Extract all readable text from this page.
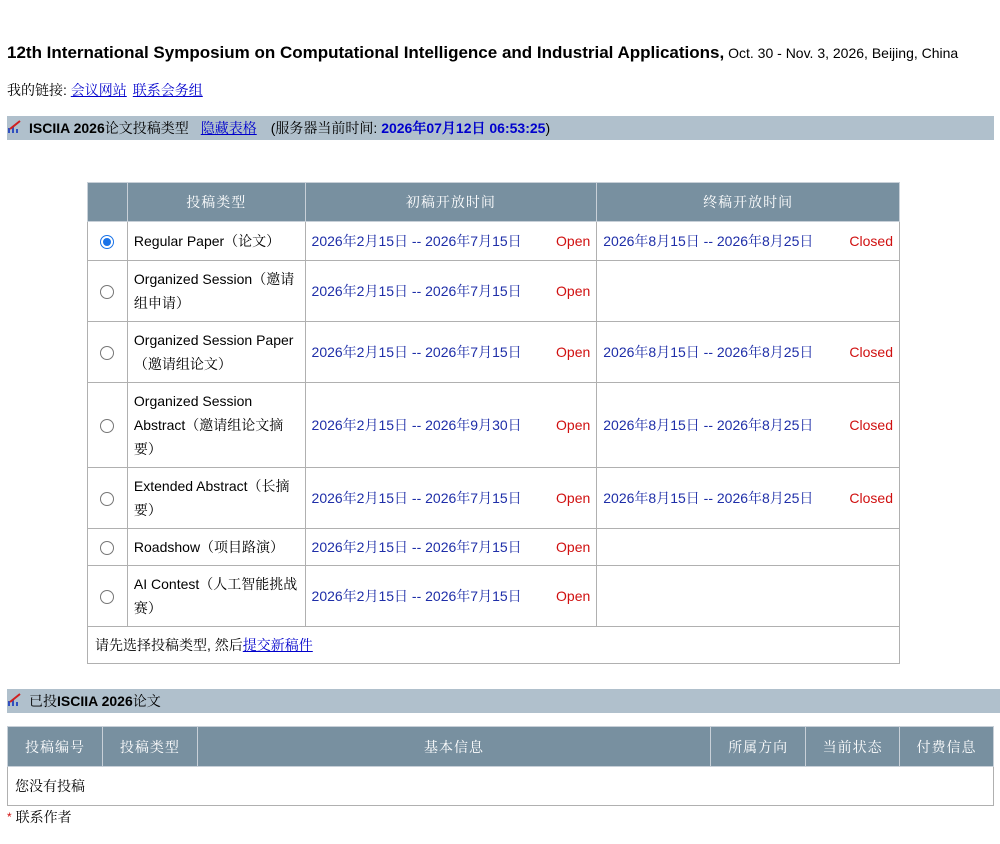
12th International Symposium on Computational Intelligence and Industrial Applications, Oct. 30 - Nov. 3, 2026, Beijing, China
我的链接: 会议网站 联系会务组
ISCIIA 2026论文投稿类型 隐藏表格 (服务器当前时间: 2026年07月12日 06:53:25)
已投ISCIIA 2026论文
	投稿类型	初稿开放时间	终稿开放时间
	Regular Paper（论文）	2026年2月15日 -- 2026年7月15日 Open	2026年8月15日 -- 2026年8月25日 Closed

	Organized Session（邀请组申请）	2026年2月15日 -- 2026年7月15日 Open	

	Organized Session Paper（邀请组论文）	2026年2月15日 -- 2026年7月15日 Open	2026年8月15日 -- 2026年8月25日 Closed

	Organized Session Abstract（邀请组论文摘要）	2026年2月15日 -- 2026年9月30日 Open	2026年8月15日 -- 2026年8月25日 Closed

	Extended Abstract（长摘要）	2026年2月15日 -- 2026年7月15日 Open	2026年8月15日 -- 2026年8月25日 Closed

	Roadshow（项目路演）	2026年2月15日 -- 2026年7月15日 Open	

	AI Contest（人工智能挑战赛）	2026年2月15日 -- 2026年7月15日 Open	

请先选择投稿类型, 然后提交新稿件			
投稿编号	投稿类型	基本信息	所属方向	当前状态	付费信息
您没有投稿
* 联系作者
